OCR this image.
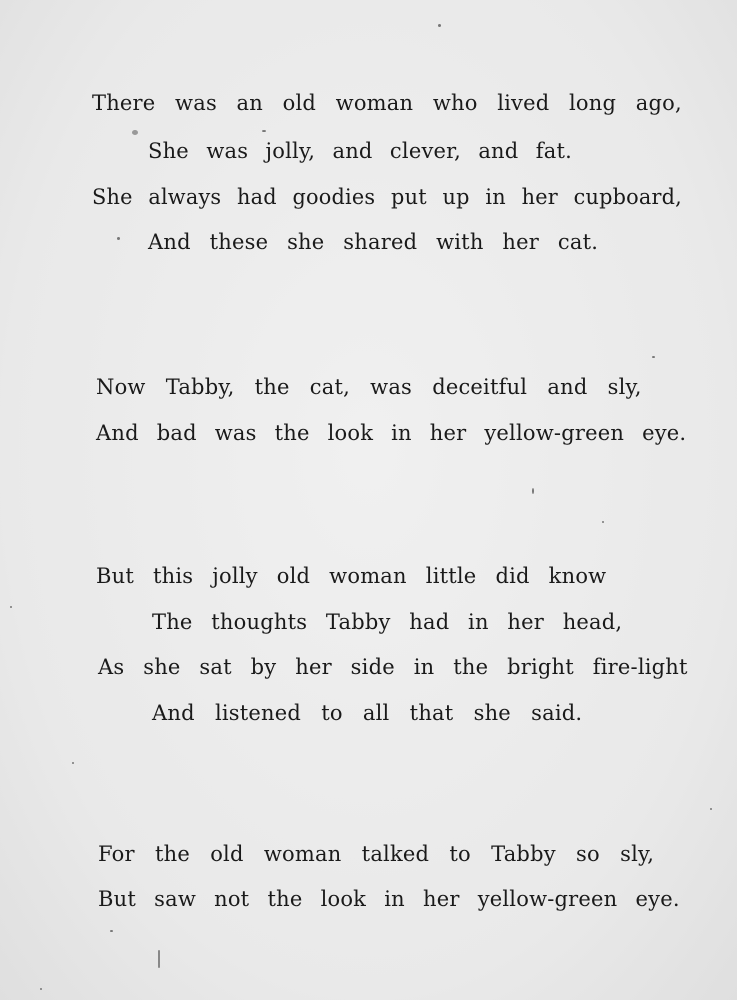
There was an old woman who lived long ago,
She was jolly, and clever, and fat.
She always had goodies put up in her cupboard,
And these she shared with her cat.
Now Tabby, the cat, was deceitful and sly,
And bad was the look in her yellow-green eye.
But this jolly old woman little did know
The thoughts Tabby had in her head,
As she sat by her side in the bright fire-light
And listened to all that she said.
For the old woman talked to Tabby so sly,
But saw not the look in her yellow-green eye.
